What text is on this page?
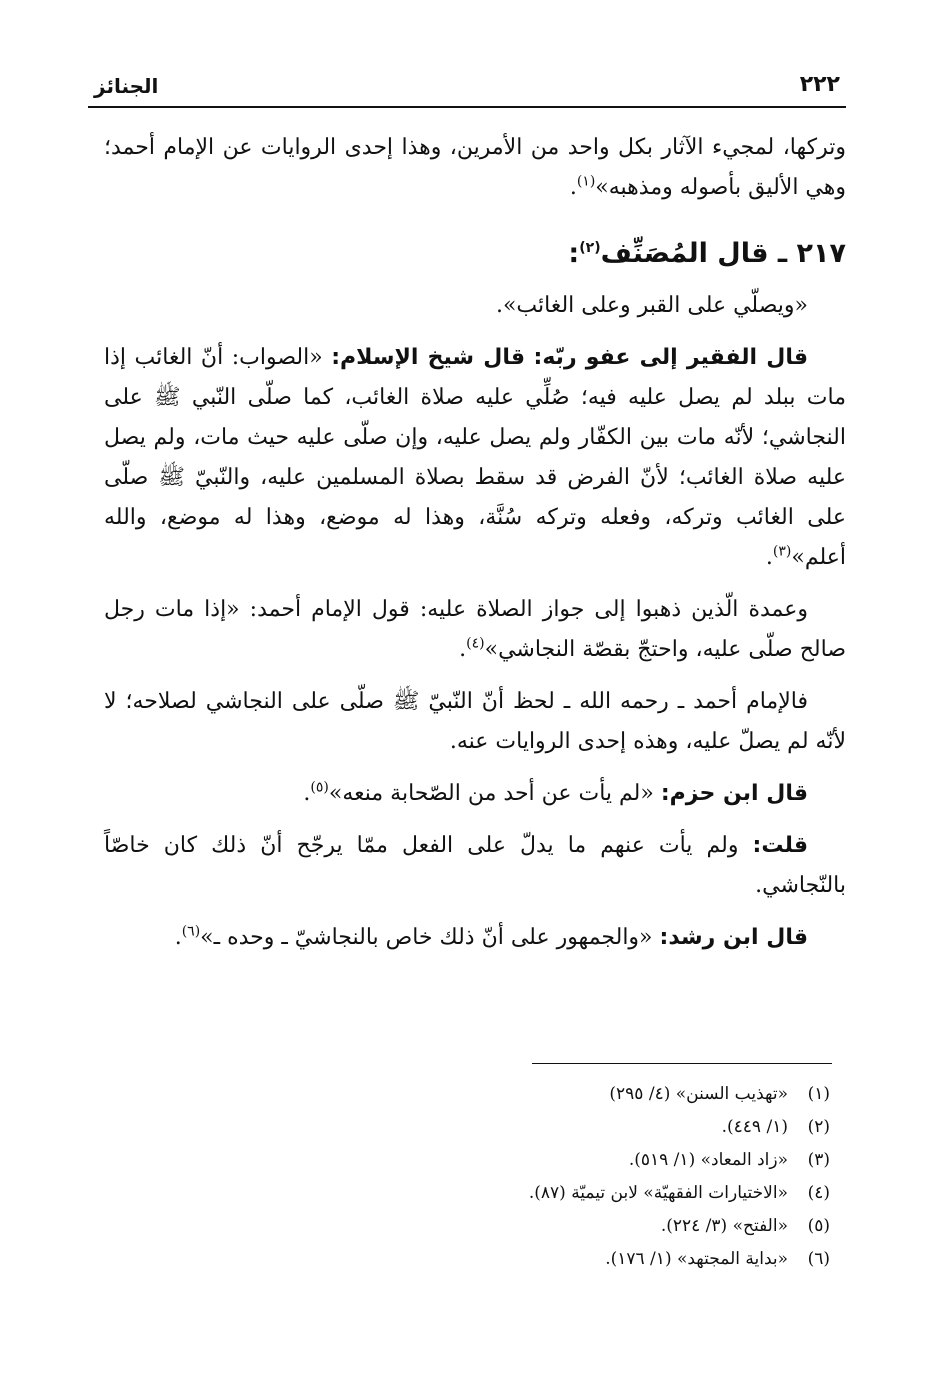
٢٢٢
الجنائز

وتركها، لمجيء الآثار بكل واحد من الأمرين، وهذا إحدى الروايات عن الإمام أحمد؛ وهي الأليق بأصوله ومذهبه»$^{(١)}$.

٢١٧ ـ قال المُصَنِّف$^{(٢)}$:

«ويصلّي على القبر وعلى الغائب».

قال الفقير إلى عفو ربّه: قال شيخ الإسلام: «الصواب: أنّ الغائب إذا مات ببلد لم يصل عليه فيه؛ صُلِّي عليه صلاة الغائب، كما صلّى النّبي ﷺ على النجاشي؛ لأنّه مات بين الكفّار ولم يصل عليه، وإن صلّى عليه حيث مات، ولم يصل عليه صلاة الغائب؛ لأنّ الفرض قد سقط بصلاة المسلمين عليه، والنّبيّ ﷺ صلّى على الغائب وتركه، وفعله وتركه سُنَّة، وهذا له موضع، وهذا له موضع، والله أعلم»$^{(٣)}$.

وعمدة الّذين ذهبوا إلى جواز الصلاة عليه: قول الإمام أحمد: «إذا مات رجل صالح صلّى عليه، واحتجّ بقصّة النجاشي»$^{(٤)}$.

فالإمام أحمد ـ رحمه الله ـ لحظ أنّ النّبيّ ﷺ صلّى على النجاشي لصلاحه؛ لا لأنّه لم يصلّ عليه، وهذه إحدى الروايات عنه.

قال ابن حزم: «لم يأت عن أحد من الصّحابة منعه»$^{(٥)}$.

قلت: ولم يأت عنهم ما يدلّ على الفعل ممّا يرجّح أنّ ذلك كان خاصّاً بالنّجاشي.

قال ابن رشد: «والجمهور على أنّ ذلك خاص بالنجاشيّ ـ وحده ـ»$^{(٦)}$.

(١)«تهذيب السنن» (٤/ ٢٩٥)
(٢)(١/ ٤٤٩).
(٣)«زاد المعاد» (١/ ٥١٩).
(٤)«الاختيارات الفقهيّة» لابن تيميّة (٨٧).
(٥)«الفتح» (٣/ ٢٢٤).
(٦)«بداية المجتهد» (١/ ١٧٦).
